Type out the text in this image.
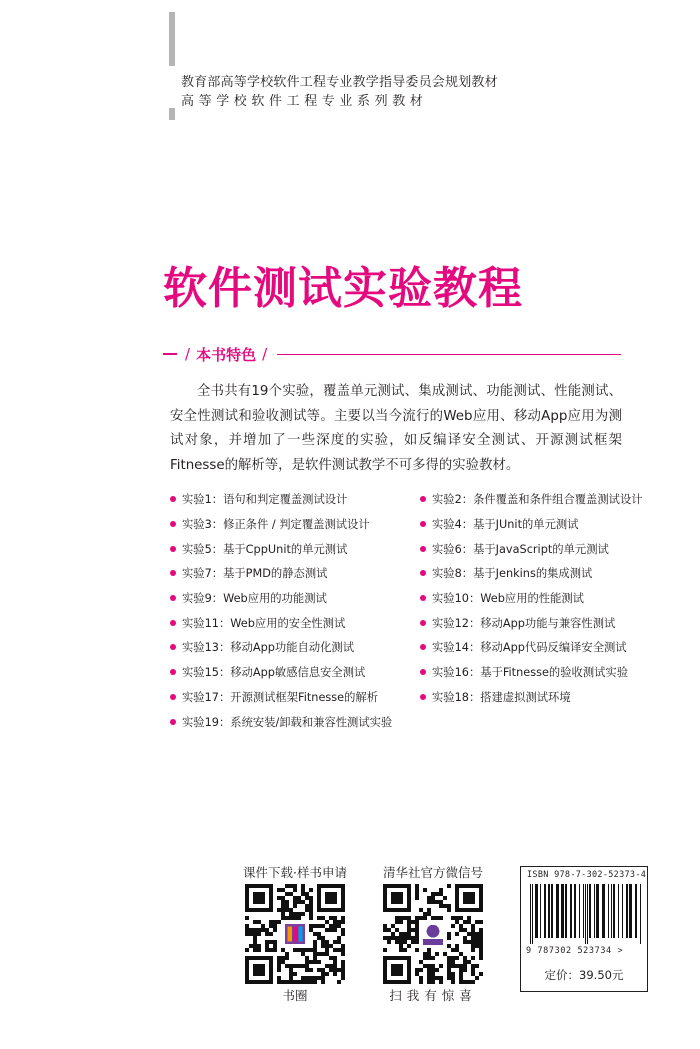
教育部高等学校软件工程专业教学指导委员会规划教材
高等学校软件工程专业系列教材
软件测试实验教程
/ 本书特色 /

全书共有19个实验，覆盖单元测试、集成测试、功能测试、性能测试、安全性测试和验收测试等。主要以当今流行的Web应用、移动App应用为测试对象，并增加了一些深度的实验，如反编译安全测试、开源测试框架Fitnesse的解析等，是软件测试教学不可多得的实验教材。

实验1：语句和判定覆盖测试设计	实验2：条件覆盖和条件组合覆盖测试设计
实验3：修正条件 / 判定覆盖测试设计	实验4：基于JUnit的单元测试
实验5：基于CppUnit的单元测试	实验6：基于JavaScript的单元测试
实验7：基于PMD的静态测试	实验8：基于Jenkins的集成测试
实验9：Web应用的功能测试	实验10：Web应用的性能测试
实验11：Web应用的安全性测试	实验12：移动App功能与兼容性测试
实验13：移动App功能自动化测试	实验14：移动App代码反编译安全测试
实验15：移动App敏感信息安全测试	实验16：基于Fitnesse的验收测试实验
实验17：开源测试框架Fitnesse的解析	实验18：搭建虚拟测试环境
实验19：系统安装/卸载和兼容性测试实验
课件下载·样书申请
书圈
清华社官方微信号
扫我有惊喜
ISBN 978-7-302-52373-4
9 787302 523734 >
定价：39.50元
